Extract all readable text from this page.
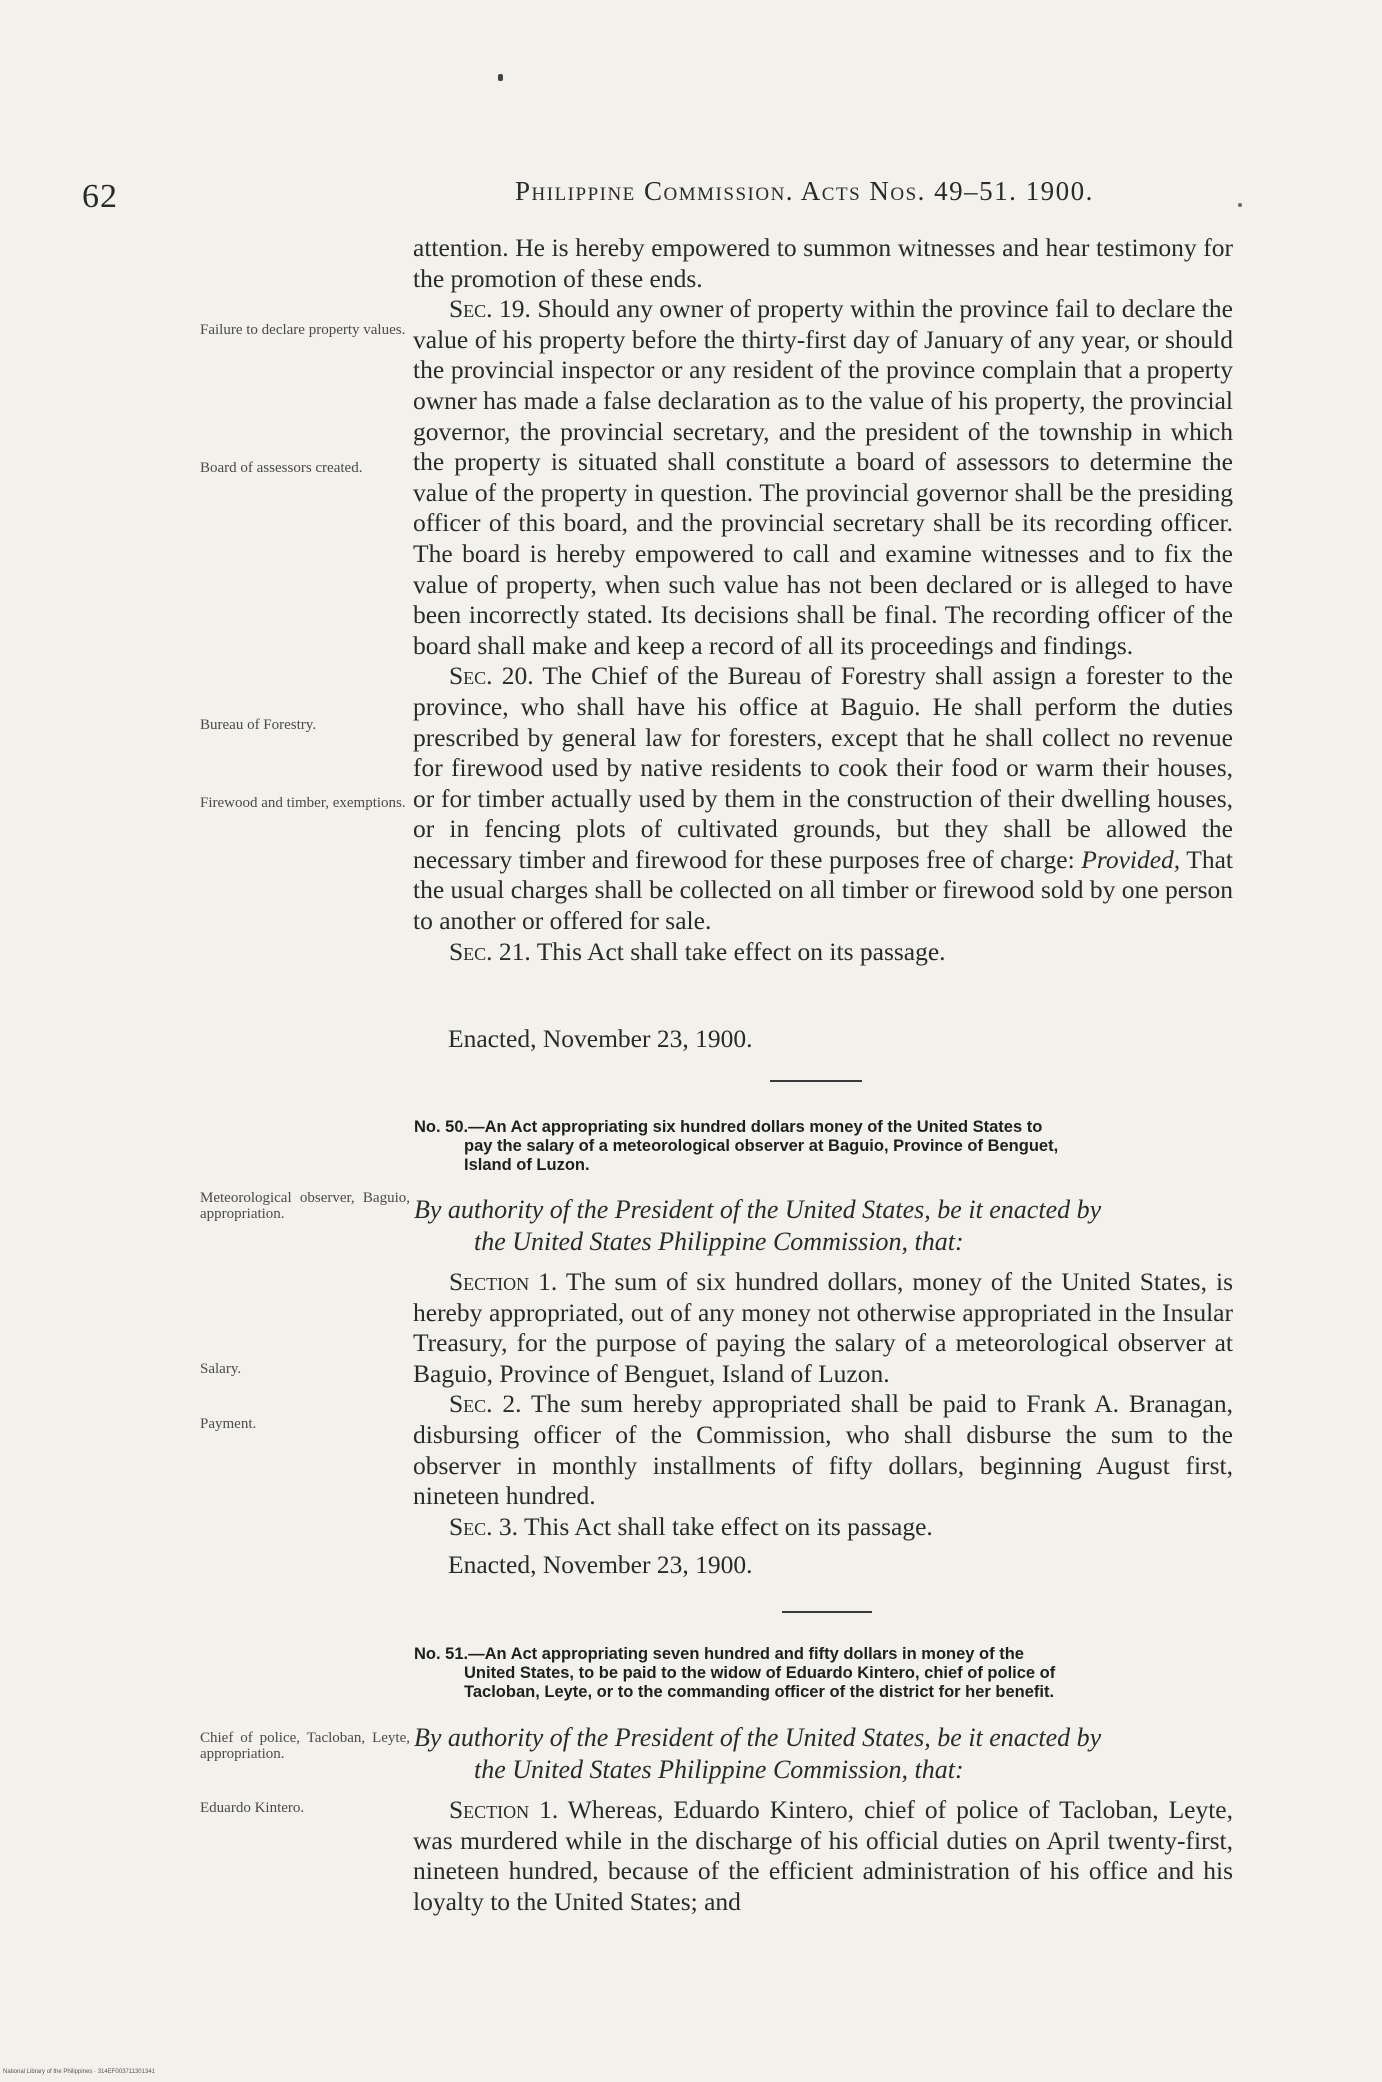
62	Philippine Commission. Acts Nos. 49–51. 1900.

attention. He is hereby empowered to summon witnesses and hear testimony for the promotion of these ends.

Sec. 19. Should any owner of property within the province fail to declare the value of his property before the thirty-first day of January of any year, or should the provincial inspector or any resident of the province complain that a property owner has made a false declaration as to the value of his property, the provincial governor, the provincial secretary, and the president of the township in which the property is situated shall constitute a board of assessors to determine the value of the property in question. The provincial governor shall be the presiding officer of this board, and the provincial secretary shall be its recording officer. The board is hereby empowered to call and examine witnesses and to fix the value of property, when such value has not been declared or is alleged to have been incorrectly stated. Its decisions shall be final. The recording officer of the board shall make and keep a record of all its proceedings and findings.

Sec. 20. The Chief of the Bureau of Forestry shall assign a forester to the province, who shall have his office at Baguio. He shall perform the duties prescribed by general law for foresters, except that he shall collect no revenue for firewood used by native residents to cook their food or warm their houses, or for timber actually used by them in the construction of their dwelling houses, or in fencing plots of cultivated grounds, but they shall be allowed the necessary timber and firewood for these purposes free of charge: Provided, That the usual charges shall be collected on all timber or firewood sold by one person to another or offered for sale.

Sec. 21. This Act shall take effect on its passage.

Enacted, November 23, 1900.
Failure to declare property values.
Board of assessors created.
Bureau of Forestry.
Firewood and timber, exemptions.
Meteorological observer, Baguio, appropriation.
Salary.
Payment.
Chief of police, Tacloban, Leyte, appropriation.
Eduardo Kintero.
No. 50.—An Act appropriating six hundred dollars money of the United States to
pay the salary of a meteorological observer at Baguio, Province of Benguet,
Island of Luzon.
By authority of the President of the United States, be it enacted by
the United States Philippine Commission, that:

Section 1. The sum of six hundred dollars, money of the United States, is hereby appropriated, out of any money not otherwise appropriated in the Insular Treasury, for the purpose of paying the salary of a meteorological observer at Baguio, Province of Benguet, Island of Luzon.

Sec. 2. The sum hereby appropriated shall be paid to Frank A. Branagan, disbursing officer of the Commission, who shall disburse the sum to the observer in monthly installments of fifty dollars, beginning August first, nineteen hundred.

Sec. 3. This Act shall take effect on its passage.

Enacted, November 23, 1900.
No. 51.—An Act appropriating seven hundred and fifty dollars in money of the
United States, to be paid to the widow of Eduardo Kintero, chief of police of
Tacloban, Leyte, or to the commanding officer of the district for her benefit.
By authority of the President of the United States, be it enacted by
the United States Philippine Commission, that:

Section 1. Whereas, Eduardo Kintero, chief of police of Tacloban, Leyte, was murdered while in the discharge of his official duties on April twenty-first, nineteen hundred, because of the efficient administration of his office and his loyalty to the United States; and

National Library of the Philippines · 314EF003711301341
